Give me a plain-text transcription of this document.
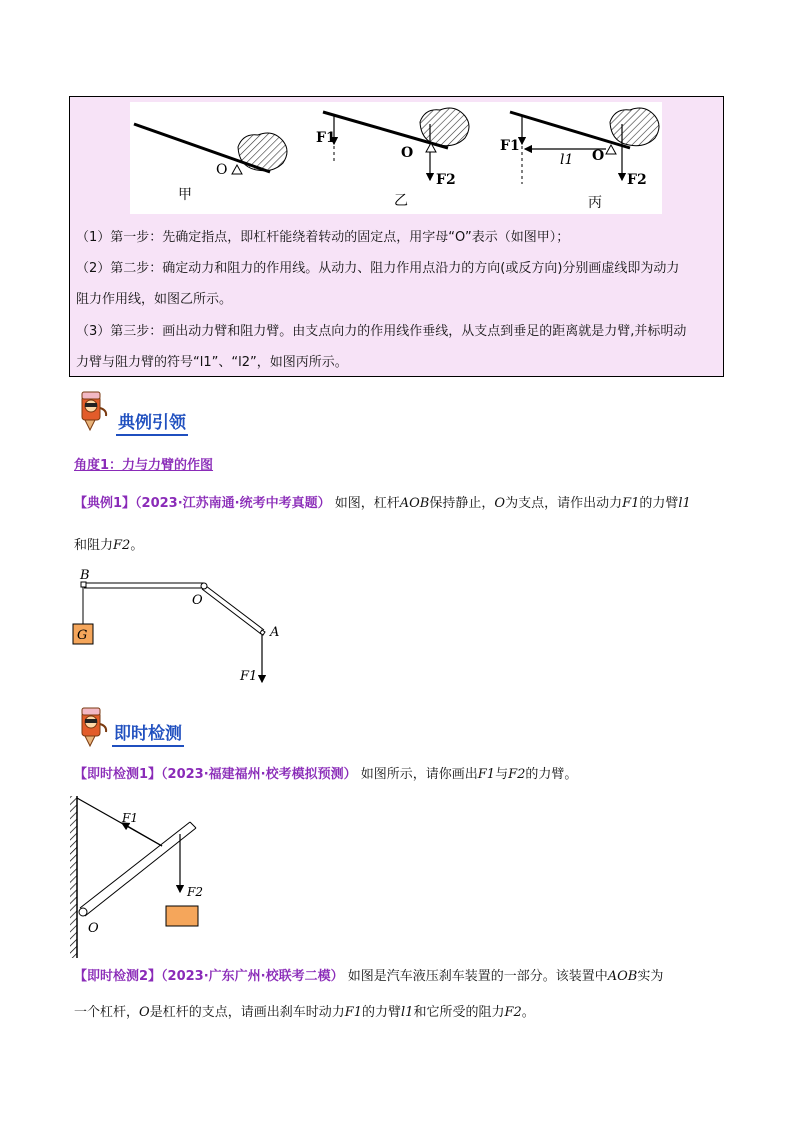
O
甲
F1
O
F2
乙
F1
l1 O
F2
丙
（1）第一步：先确定指点，即杠杆能绕着转动的固定点，用字母“O”表示（如图甲）；
（2）第二步：确定动力和阻力的作用线。从动力、阻力作用点沿力的方向(或反方向)分别画虚线即为动力
阻力作用线，如图乙所示。
（3）第三步：画出动力臂和阻力臂。由支点向力的作用线作垂线，从支点到垂足的距离就是力臂,并标明动
力臂与阻力臂的符号“l1”、“l2”，如图丙所示。
典例引领
角度1：力与力臂的作图
【典例1】（2023·江苏南通·统考中考真题） 如图，杠杆AOB保持静止，O为支点，请作出动力F1的力臂l1
和阻力F2。
B
O
A
G
F1
即时检测
【即时检测1】（2023·福建福州·校考模拟预测） 如图所示，请你画出F1与F2的力臂。
F1
F2
O
【即时检测2】（2023·广东广州·校联考二模） 如图是汽车液压刹车装置的一部分。该装置中AOB实为
一个杠杆，O是杠杆的支点，请画出刹车时动力F1的力臂l1和它所受的阻力F2。
